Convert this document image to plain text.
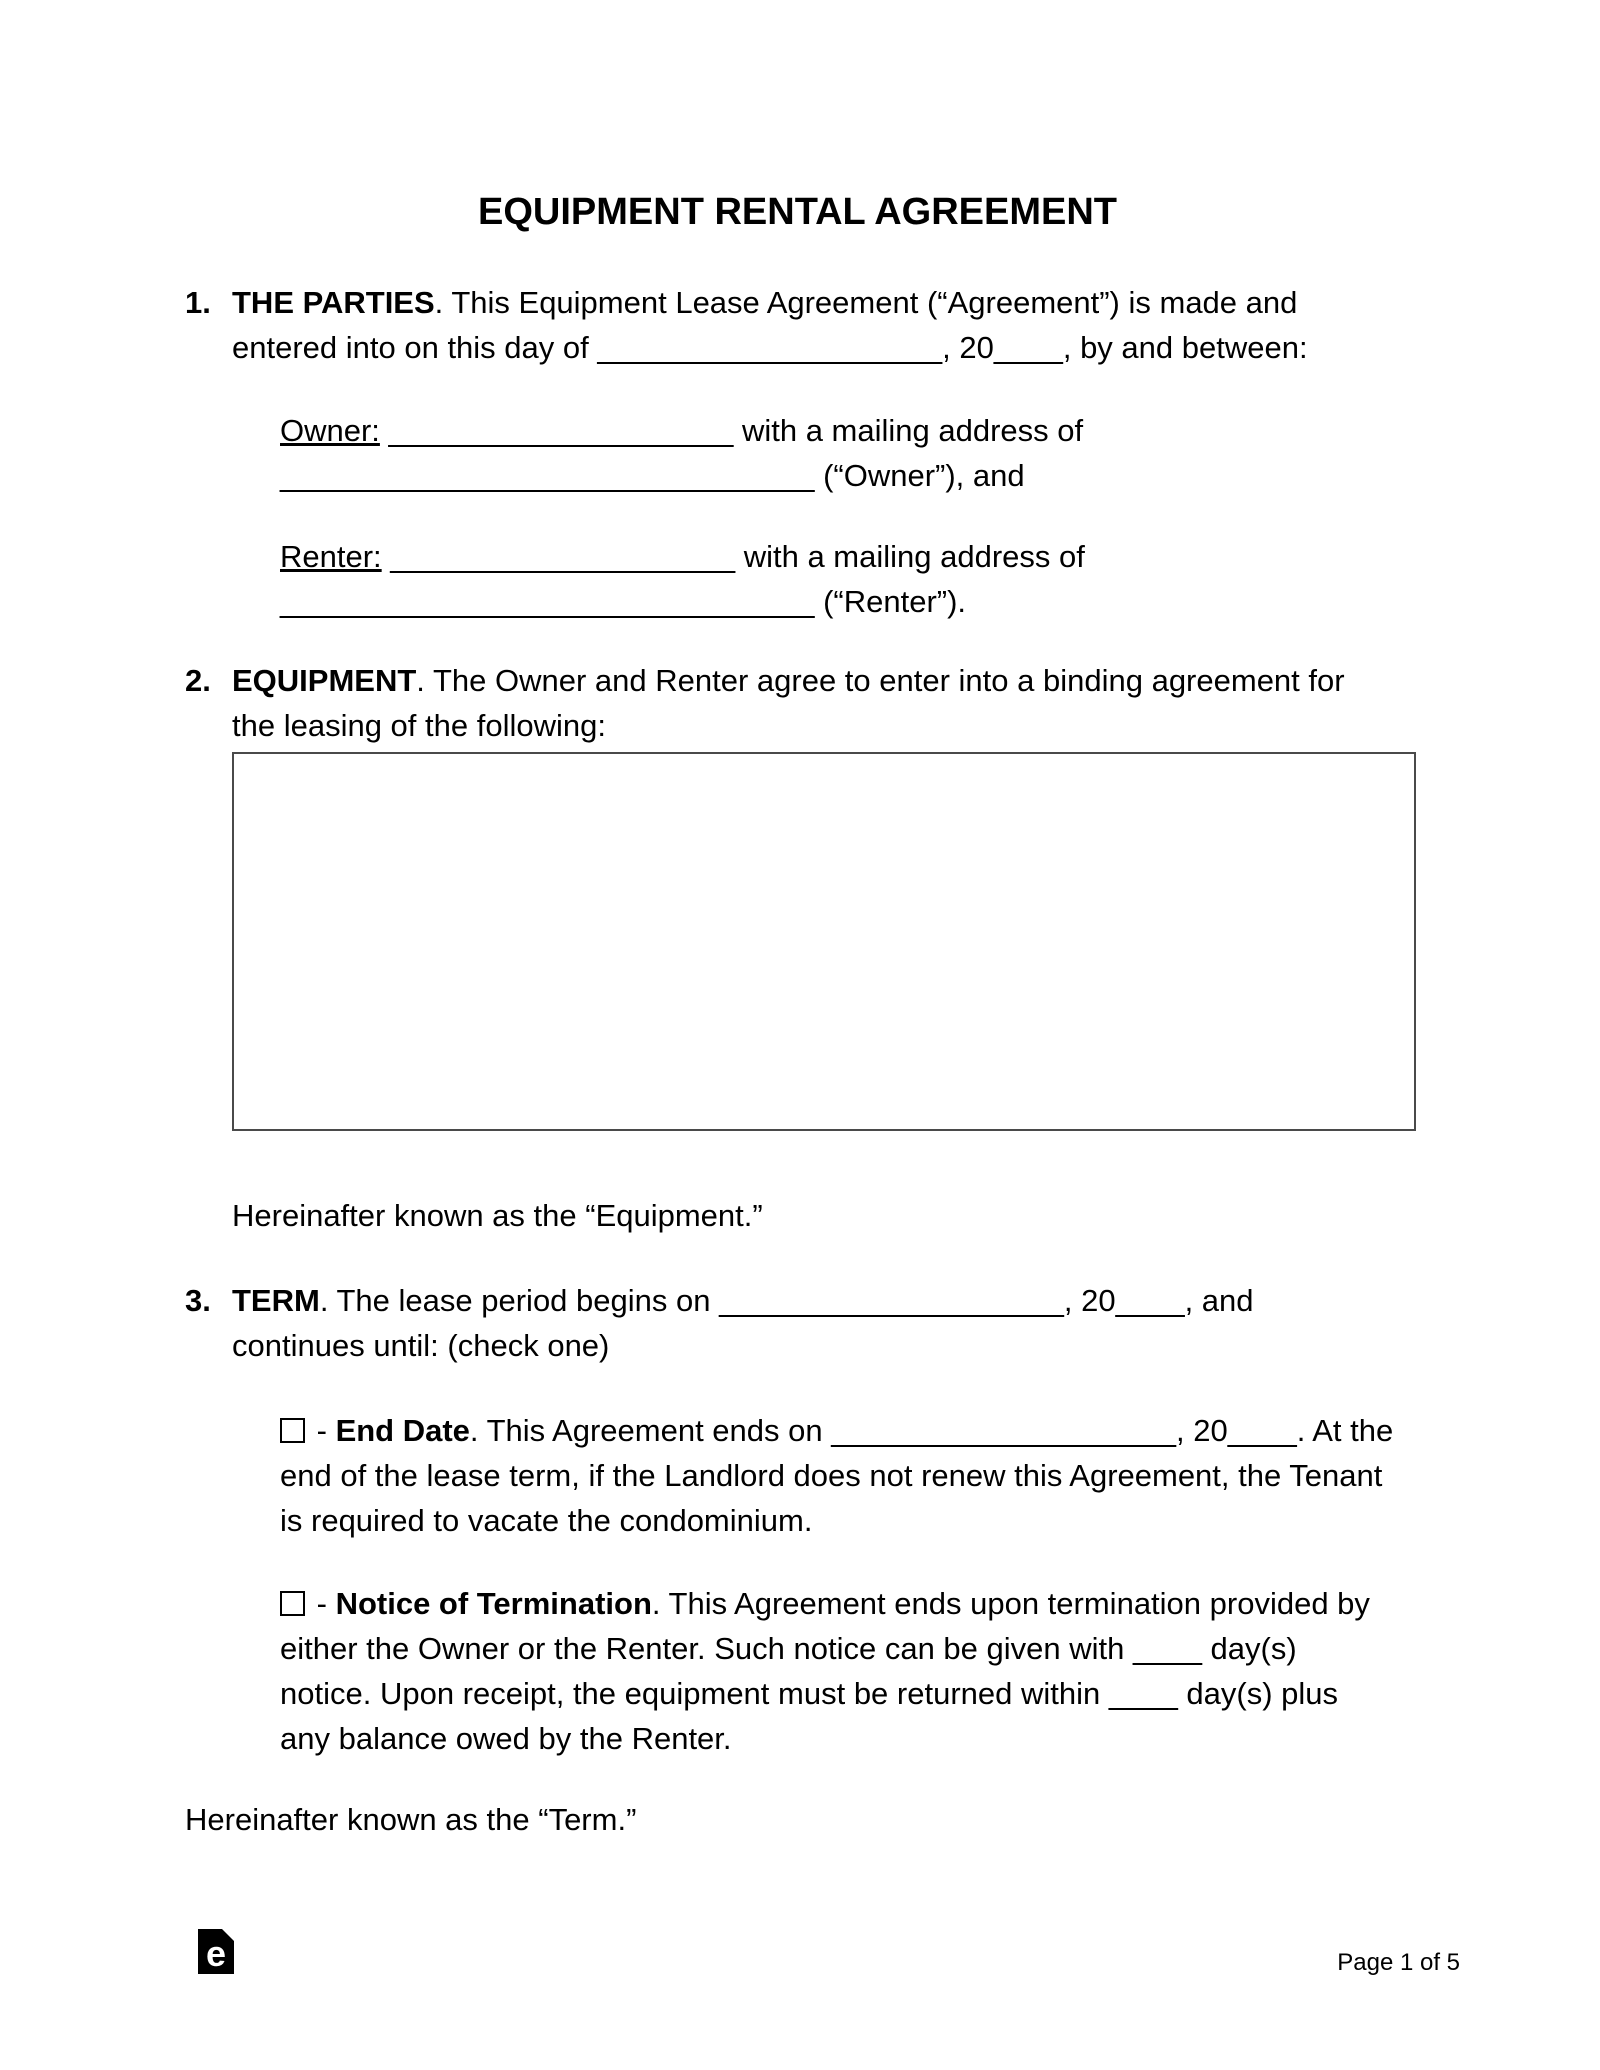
EQUIPMENT RENTAL AGREEMENT
1. THE PARTIES. This Equipment Lease Agreement (“Agreement”) is made and
entered into on this day of ____________________, 20____, by and between:
Owner: ____________________ with a mailing address of
_______________________________ (“Owner”), and
Renter: ____________________ with a mailing address of
_______________________________ (“Renter”).
2. EQUIPMENT. The Owner and Renter agree to enter into a binding agreement for
the leasing of the following:
Hereinafter known as the “Equipment.”
3. TERM. The lease period begins on ____________________, 20____, and
continues until: (check one)
- End Date. This Agreement ends on ____________________, 20____. At the
end of the lease term, if the Landlord does not renew this Agreement, the Tenant
is required to vacate the condominium.
- Notice of Termination. This Agreement ends upon termination provided by
either the Owner or the Renter. Such notice can be given with ____ day(s)
notice. Upon receipt, the equipment must be returned within ____ day(s) plus
any balance owed by the Renter.
Hereinafter known as the “Term.”
e	Page 1 of 5
